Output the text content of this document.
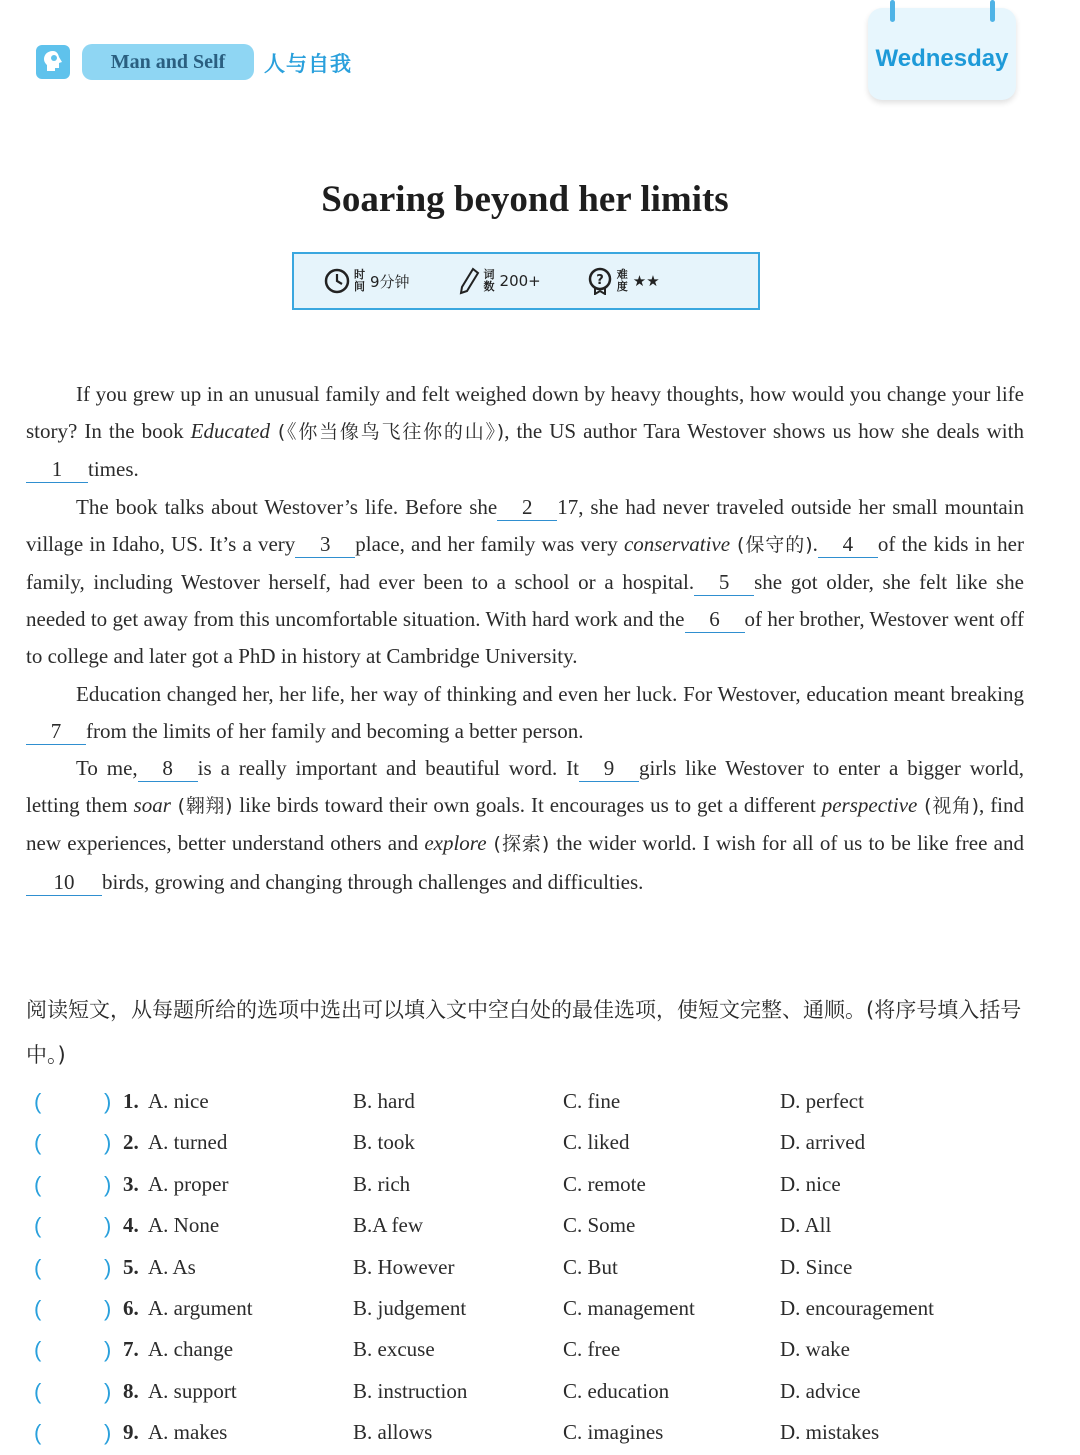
Man and Self	人与自我	Wednesday
Soaring beyond her limits
时间 9分钟	词数 200+	? 难度 ★★

If you grew up in an unusual family and felt weighed down by heavy thoughts, how would you change your life story? In the book Educated (《你当像鸟飞往你的山》), the US author Tara Westover shows us how she deals with1 times.

The book talks about Westover’s life. Before she 2 17, she had never traveled outside her small mountain village in Idaho, US. It’s a very 3 place, and her family was very conservative (保守的). 4 of the kids in her family, including Westover herself, had ever been to a school or a hospital. 5 she got older, she felt like she needed to get away from this uncomfortable situation. With hard work and the 6 of her brother, Westover went off to college and later got a PhD in history at Cambridge University.

Education changed her, her life, her way of thinking and even her luck. For Westover, education meant breaking7 from the limits of her family and becoming a better person.

To me, 8 is a really important and beautiful word. It 9 girls like Westover to enter a bigger world, letting them soar (翱翔) like birds toward their own goals. It encourages us to get a different perspective (视角), find new experiences, better understand others and explore (探索) the wider world. I wish for all of us to be like free and10 birds, growing and changing through challenges and difficulties.

阅读短文，从每题所给的选项中选出可以填入文中空白处的最佳选项，使短文完整、通顺。(将序号填入括号中。)
(	) 1. A. nice	B. hard	C. fine	D. perfect
(	) 2. A. turned	B. took	C. liked	D. arrived
(	) 3. A. proper	B. rich	C. remote	D. nice
(	) 4. A. None	B.A few	C. Some	D. All
(	) 5. A. As	B. However	C. But	D. Since
(	) 6. A. argument	B. judgement	C. management	D. encouragement
(	) 7. A. change	B. excuse	C. free	D. wake
(	) 8. A. support	B. instruction	C. education	D. advice
(	) 9. A. makes	B. allows	C. imagines	D. mistakes
